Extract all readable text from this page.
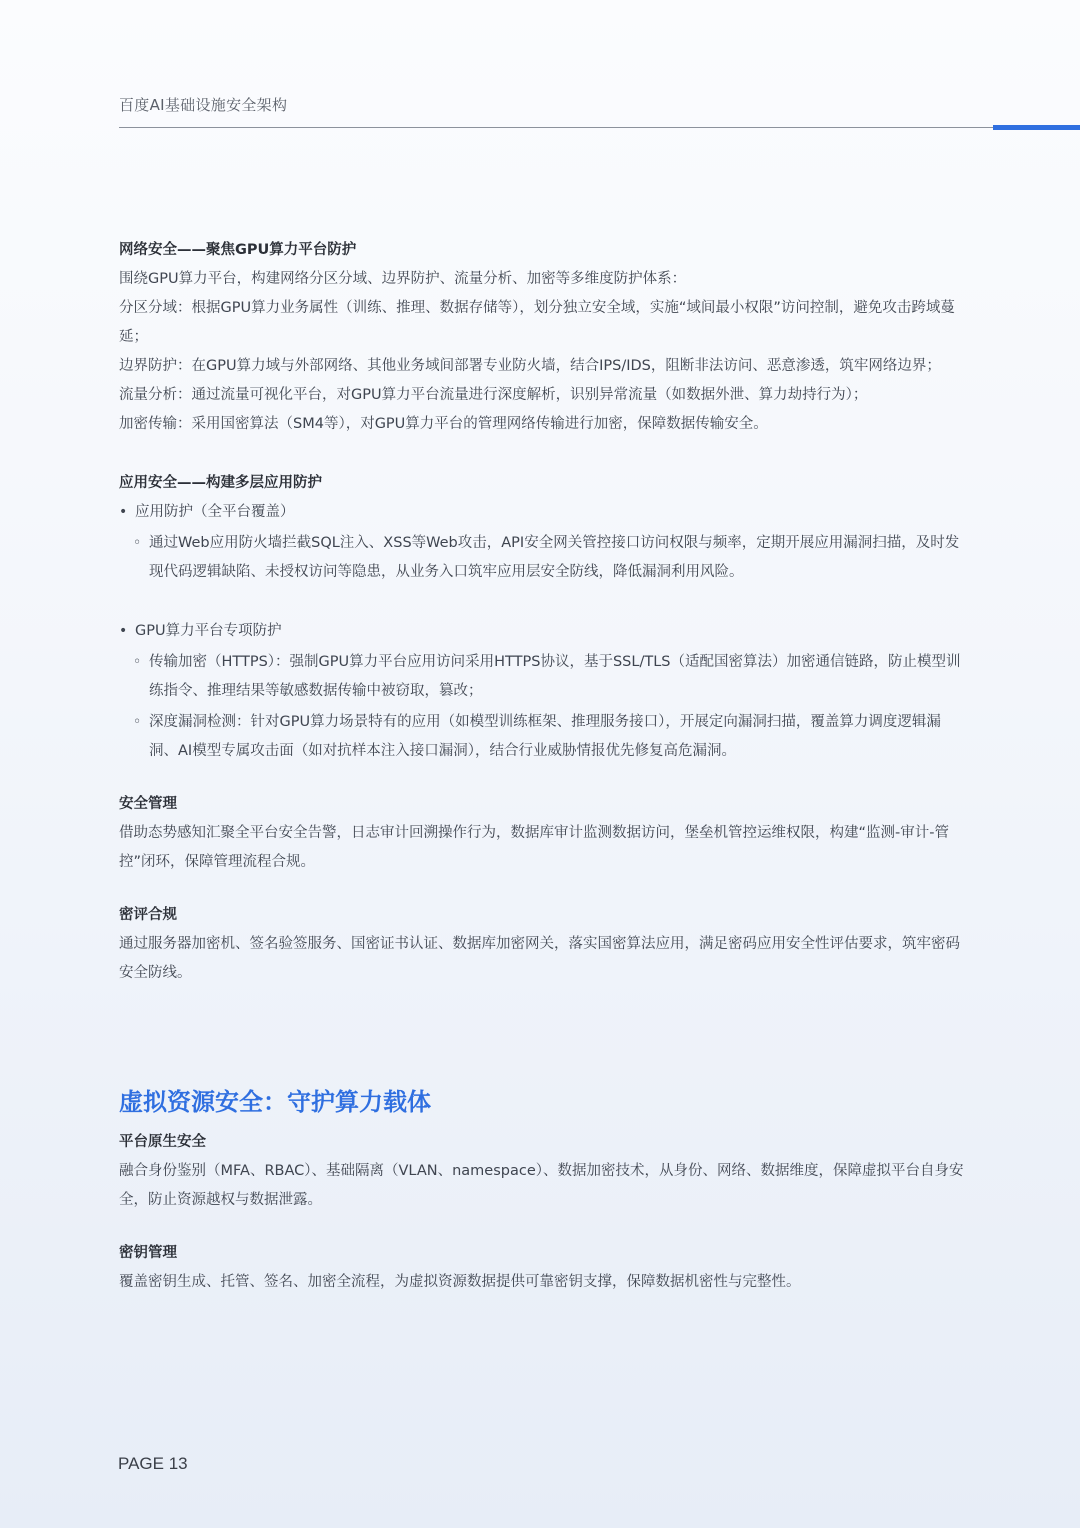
百度AI基础设施安全架构

网络安全——聚焦GPU算力平台防护

围绕GPU算力平台，构建网络分区分域、边界防护、流量分析、加密等多维度防护体系：

分区分域：根据GPU算力业务属性（训练、推理、数据存储等），划分独立安全域，实施“域间最小权限”访问控制，避免攻击跨域蔓延；

边界防护：在GPU算力域与外部网络、其他业务域间部署专业防火墙，结合IPS/IDS，阻断非法访问、恶意渗透，筑牢网络边界；

流量分析：通过流量可视化平台，对GPU算力平台流量进行深度解析，识别异常流量（如数据外泄、算力劫持行为）；

加密传输：采用国密算法（SM4等），对GPU算力平台的管理网络传输进行加密，保障数据传输安全。

应用安全——构建多层应用防护

• 应用防护（全平台覆盖）
◦ 通过Web应用防火墙拦截SQL注入、XSS等Web攻击，API安全网关管控接口访问权限与频率，定期开展应用漏洞扫描，及时发现代码逻辑缺陷、未授权访问等隐患，从业务入口筑牢应用层安全防线，降低漏洞利用风险。
• GPU算力平台专项防护
◦ 传输加密（HTTPS）：强制GPU算力平台应用访问采用HTTPS协议，基于SSL/TLS（适配国密算法）加密通信链路，防止模型训练指令、推理结果等敏感数据传输中被窃取，篡改；
◦ 深度漏洞检测：针对GPU算力场景特有的应用（如模型训练框架、推理服务接口），开展定向漏洞扫描，覆盖算力调度逻辑漏洞、AI模型专属攻击面（如对抗样本注入接口漏洞），结合行业威胁情报优先修复高危漏洞。

安全管理

借助态势感知汇聚全平台安全告警，日志审计回溯操作行为，数据库审计监测数据访问，堡垒机管控运维权限，构建“监测-审计-管控”闭环，保障管理流程合规。

密评合规

通过服务器加密机、签名验签服务、国密证书认证、数据库加密网关，落实国密算法应用，满足密码应用安全性评估要求，筑牢密码安全防线。

虚拟资源安全：守护算力载体

平台原生安全

融合身份鉴别（MFA、RBAC）、基础隔离（VLAN、namespace）、数据加密技术，从身份、网络、数据维度，保障虚拟平台自身安全，防止资源越权与数据泄露。

密钥管理

覆盖密钥生成、托管、签名、加密全流程，为虚拟资源数据提供可靠密钥支撑，保障数据机密性与完整性。

PAGE 13
